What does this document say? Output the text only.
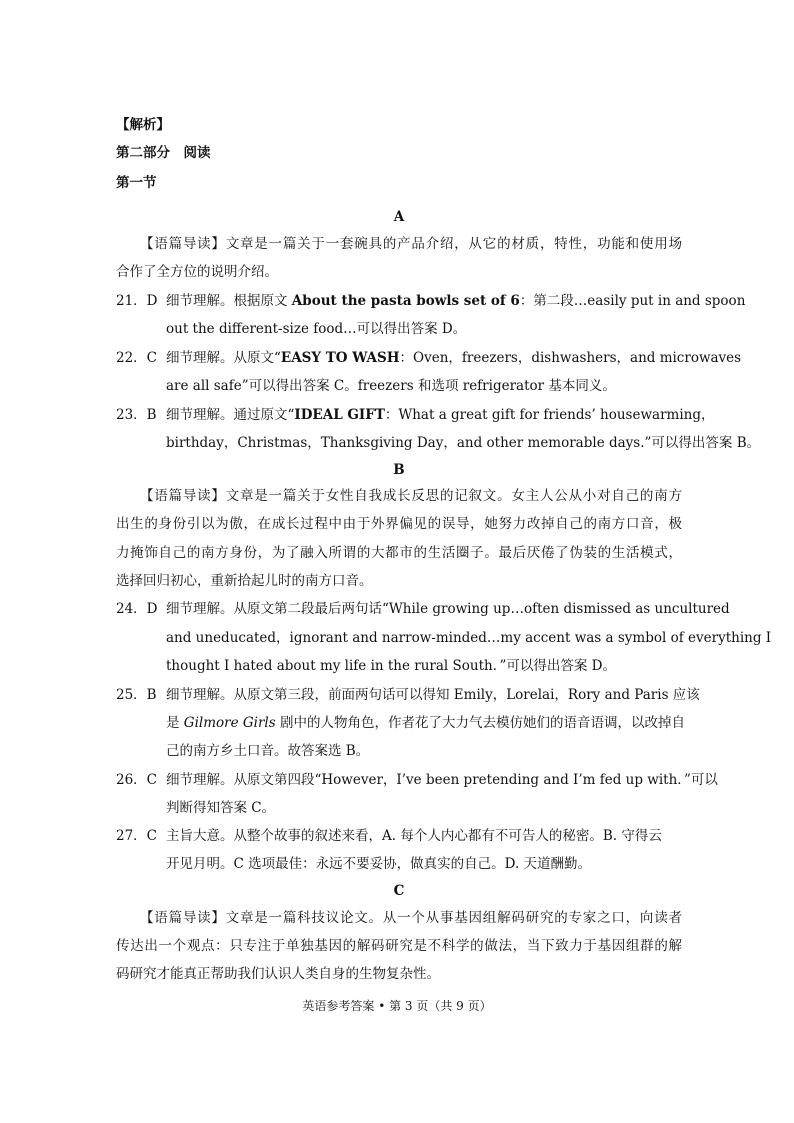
【解析】
第二部分　阅读
第一节
A
【语篇导读】文章是一篇关于一套碗具的产品介绍，从它的材质，特性，功能和使用场
合作了全方位的说明介绍。
21．D 细节理解。根据原文 About the pasta bowls set of 6：第二段…easily put in and spoon
out the different-size food…可以得出答案 D。
22．C 细节理解。从原文“EASY TO WASH：Oven，freezers，dishwashers，and microwaves
are all safe”可以得出答案 C。freezers 和选项 refrigerator 基本同义。
23．B 细节理解。通过原文“IDEAL GIFT：What a great gift for friends’ housewarming，
birthday，Christmas，Thanksgiving Day，and other memorable days.”可以得出答案 B。
B
【语篇导读】文章是一篇关于女性自我成长反思的记叙文。女主人公从小对自己的南方
出生的身份引以为傲，在成长过程中由于外界偏见的误导，她努力改掉自己的南方口音，极
力掩饰自己的南方身份，为了融入所谓的大都市的生活圈子。最后厌倦了伪装的生活模式，
选择回归初心，重新拾起儿时的南方口音。
24．D 细节理解。从原文第二段最后两句话“While growing up…often dismissed as uncultured
and uneducated，ignorant and narrow-minded…my accent was a symbol of everything I
thought I hated about my life in the rural South．”可以得出答案 D。
25．B 细节理解。从原文第三段，前面两句话可以得知 Emily，Lorelai，Rory and Paris 应该
是 Gilmore Girls 剧中的人物角色，作者花了大力气去模仿她们的语音语调，以改掉自
己的南方乡土口音。故答案选 B。
26．C 细节理解。从原文第四段“However，I’ve been pretending and I’m fed up with．”可以
判断得知答案 C。
27．C 主旨大意。从整个故事的叙述来看，A. 每个人内心都有不可告人的秘密。B. 守得云
开见月明。C 选项最佳：永远不要妥协，做真实的自己。D. 天道酬勤。
C
【语篇导读】文章是一篇科技议论文。从一个从事基因组解码研究的专家之口，向读者
传达出一个观点：只专注于单独基因的解码研究是不科学的做法，当下致力于基因组群的解
码研究才能真正帮助我们认识人类自身的生物复杂性。
英语参考答案 • 第 3 页（共 9 页）
